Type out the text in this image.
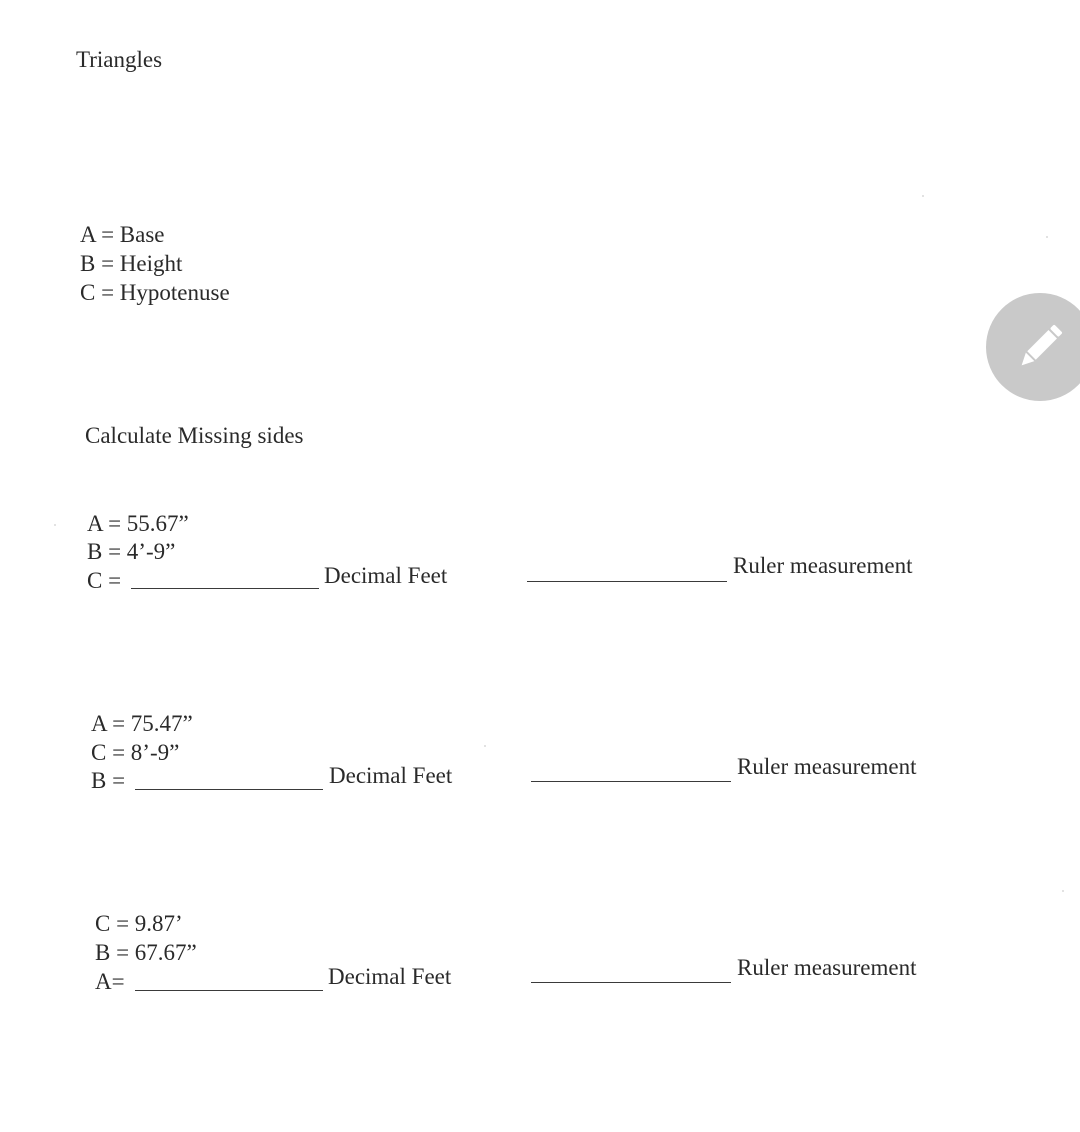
Triangles
A = Base
B = Height
C = Hypotenuse
Calculate Missing sides
A = 55.67”
B = 4’-9”
C =	Decimal Feet	Ruler measurement
A = 75.47”
C = 8’-9”
B =	Decimal Feet	Ruler measurement
C = 9.87’
B = 67.67”
A=	Decimal Feet	Ruler measurement
